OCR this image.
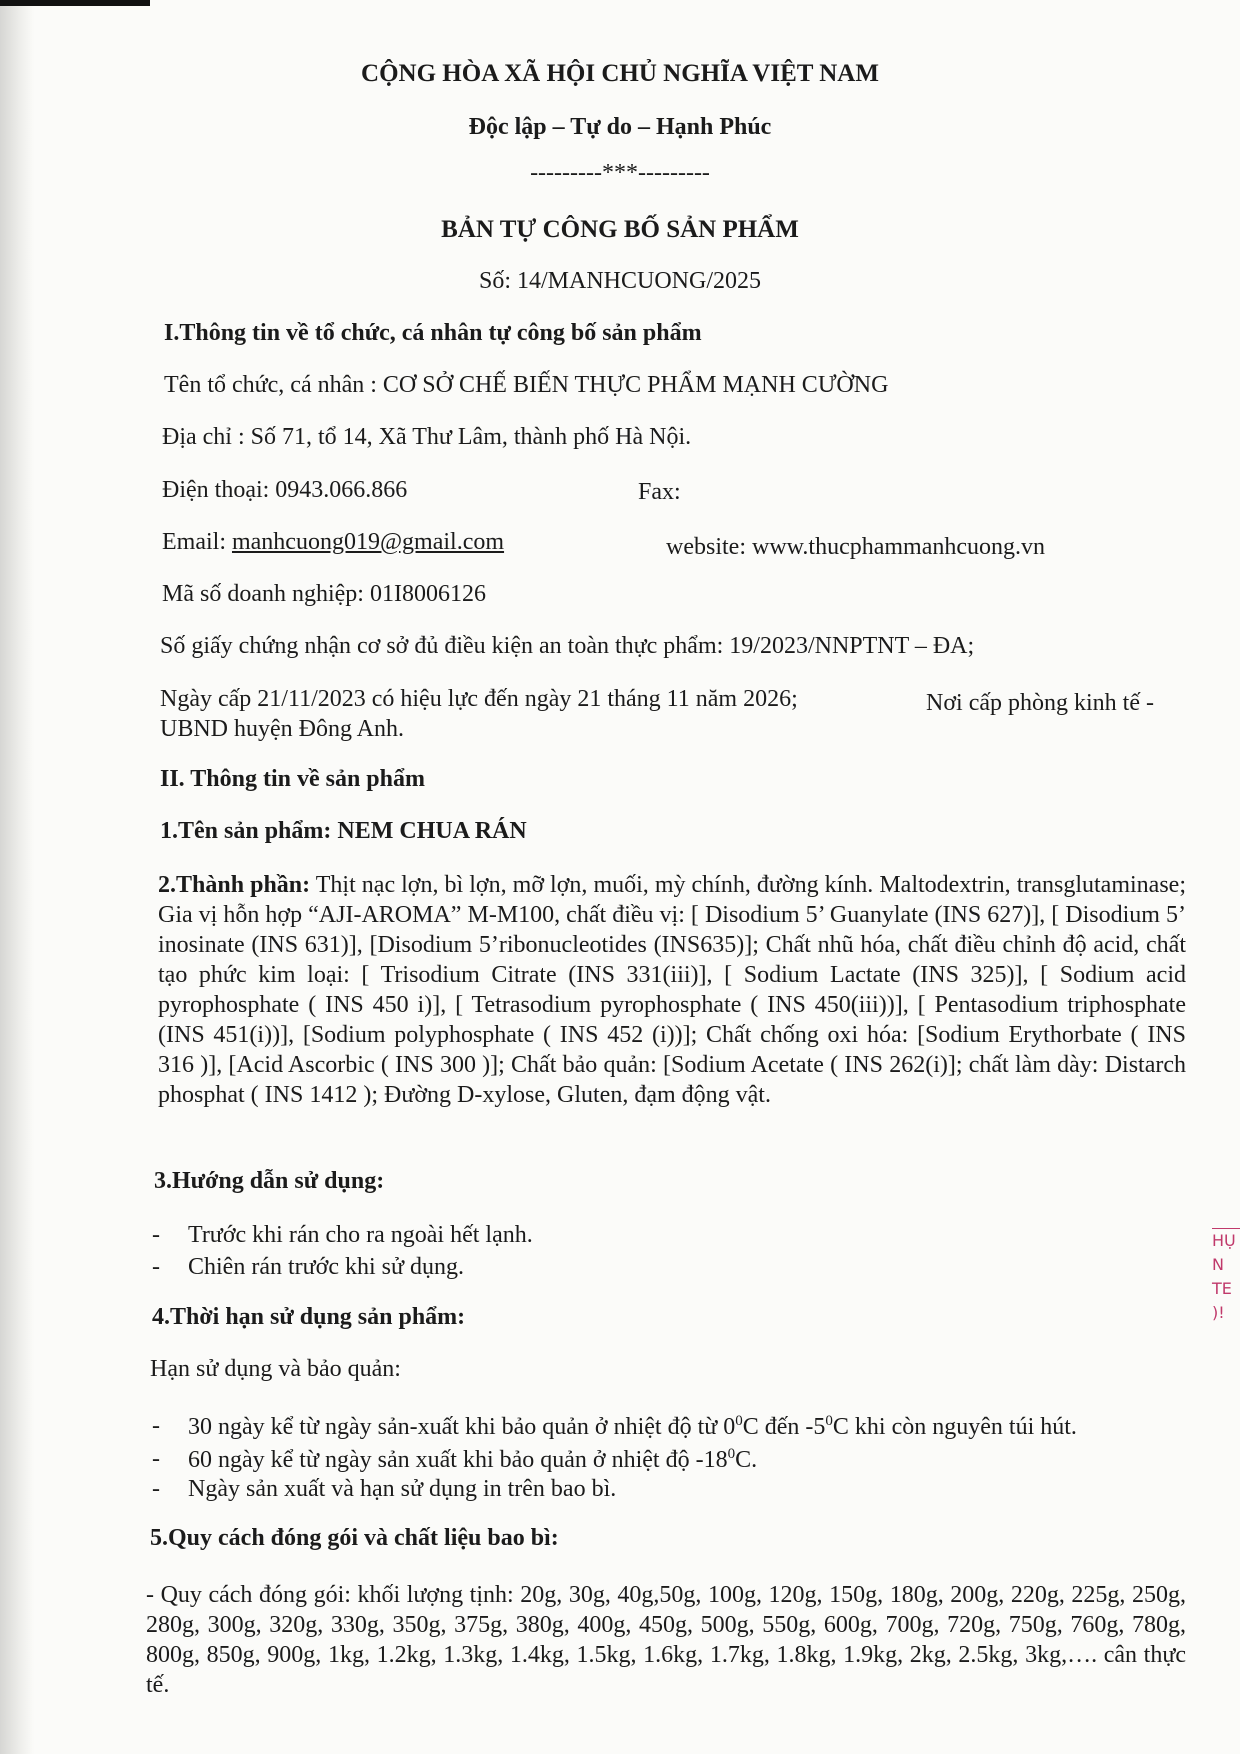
CỘNG HÒA XÃ HỘI CHỦ NGHĨA VIỆT NAM
Độc lập – Tự do – Hạnh Phúc
---------***---------
BẢN TỰ CÔNG BỐ SẢN PHẨM
Số: 14/MANHCUONG/2025
I.Thông tin về tổ chức, cá nhân tự công bố sản phẩm
Tên tổ chức, cá nhân : CƠ SỞ CHẾ BIẾN THỰC PHẨM MẠNH CƯỜNG
Địa chỉ : Số 71, tổ 14, Xã Thư Lâm, thành phố Hà Nội.
Điện thoại: 0943.066.866	Fax:
Email: manhcuong019@gmail.com	website: www.thucphammanhcuong.vn
Mã số doanh nghiệp: 01I8006126
Số giấy chứng nhận cơ sở đủ điều kiện an toàn thực phẩm: 19/2023/NNPTNT – ĐA;
Ngày cấp 21/11/2023 có hiệu lực đến ngày 21 tháng 11 năm 2026;	Nơi cấp phòng kinh tế -
UBND huyện Đông Anh.
II. Thông tin về sản phẩm
1.Tên sản phẩm: NEM CHUA RÁN
2.Thành phần: Thịt nạc lợn, bì lợn, mỡ lợn, muối, mỳ chính, đường kính. Maltodextrin, transglutaminase; Gia vị hỗn hợp “AJI-AROMA” M-M100, chất điều vị: [ Disodium 5’ Guanylate (INS 627)], [ Disodium 5’ inosinate (INS 631)], [Disodium 5’ribonucleotides (INS635)]; Chất nhũ hóa, chất điều chỉnh độ acid, chất tạo phức kim loại: [ Trisodium Citrate (INS 331(iii)], [ Sodium Lactate (INS 325)], [ Sodium acid pyrophosphate ( INS 450 i)], [ Tetrasodium pyrophosphate ( INS 450(iii))], [ Pentasodium triphosphate (INS 451(i))], [Sodium polyphosphate ( INS 452 (i))]; Chất chống oxi hóa: [Sodium Erythorbate ( INS 316 )], [Acid Ascorbic ( INS 300 )]; Chất bảo quản: [Sodium Acetate ( INS 262(i)]; chất làm dày: Distarch phosphat ( INS 1412 ); Đường D-xylose, Gluten, đạm động vật.
3.Hướng dẫn sử dụng:
- Trước khi rán cho ra ngoài hết lạnh.
- Chiên rán trước khi sử dụng.
4.Thời hạn sử dụng sản phẩm:
Hạn sử dụng và bảo quản:
- 30 ngày kể từ ngày sản-xuất khi bảo quản ở nhiệt độ từ $0^0C$ đến $-5^0C$ khi còn nguyên túi hút.
- 60 ngày kể từ ngày sản xuất khi bảo quản ở nhiệt độ $-18^0C$.
- Ngày sản xuất và hạn sử dụng in trên bao bì.
5.Quy cách đóng gói và chất liệu bao bì:
- Quy cách đóng gói: khối lượng tịnh: 20g, 30g, 40g,50g, 100g, 120g, 150g, 180g, 200g, 220g, 225g, 250g, 280g, 300g, 320g, 330g, 350g, 375g, 380g, 400g, 450g, 500g, 550g, 600g, 700g, 720g, 750g, 760g, 780g, 800g, 850g, 900g, 1kg, 1.2kg, 1.3kg, 1.4kg, 1.5kg, 1.6kg, 1.7kg, 1.8kg, 1.9kg, 2kg, 2.5kg, 3kg,…. cân thực tế.
HỤ
N
TE
)!
